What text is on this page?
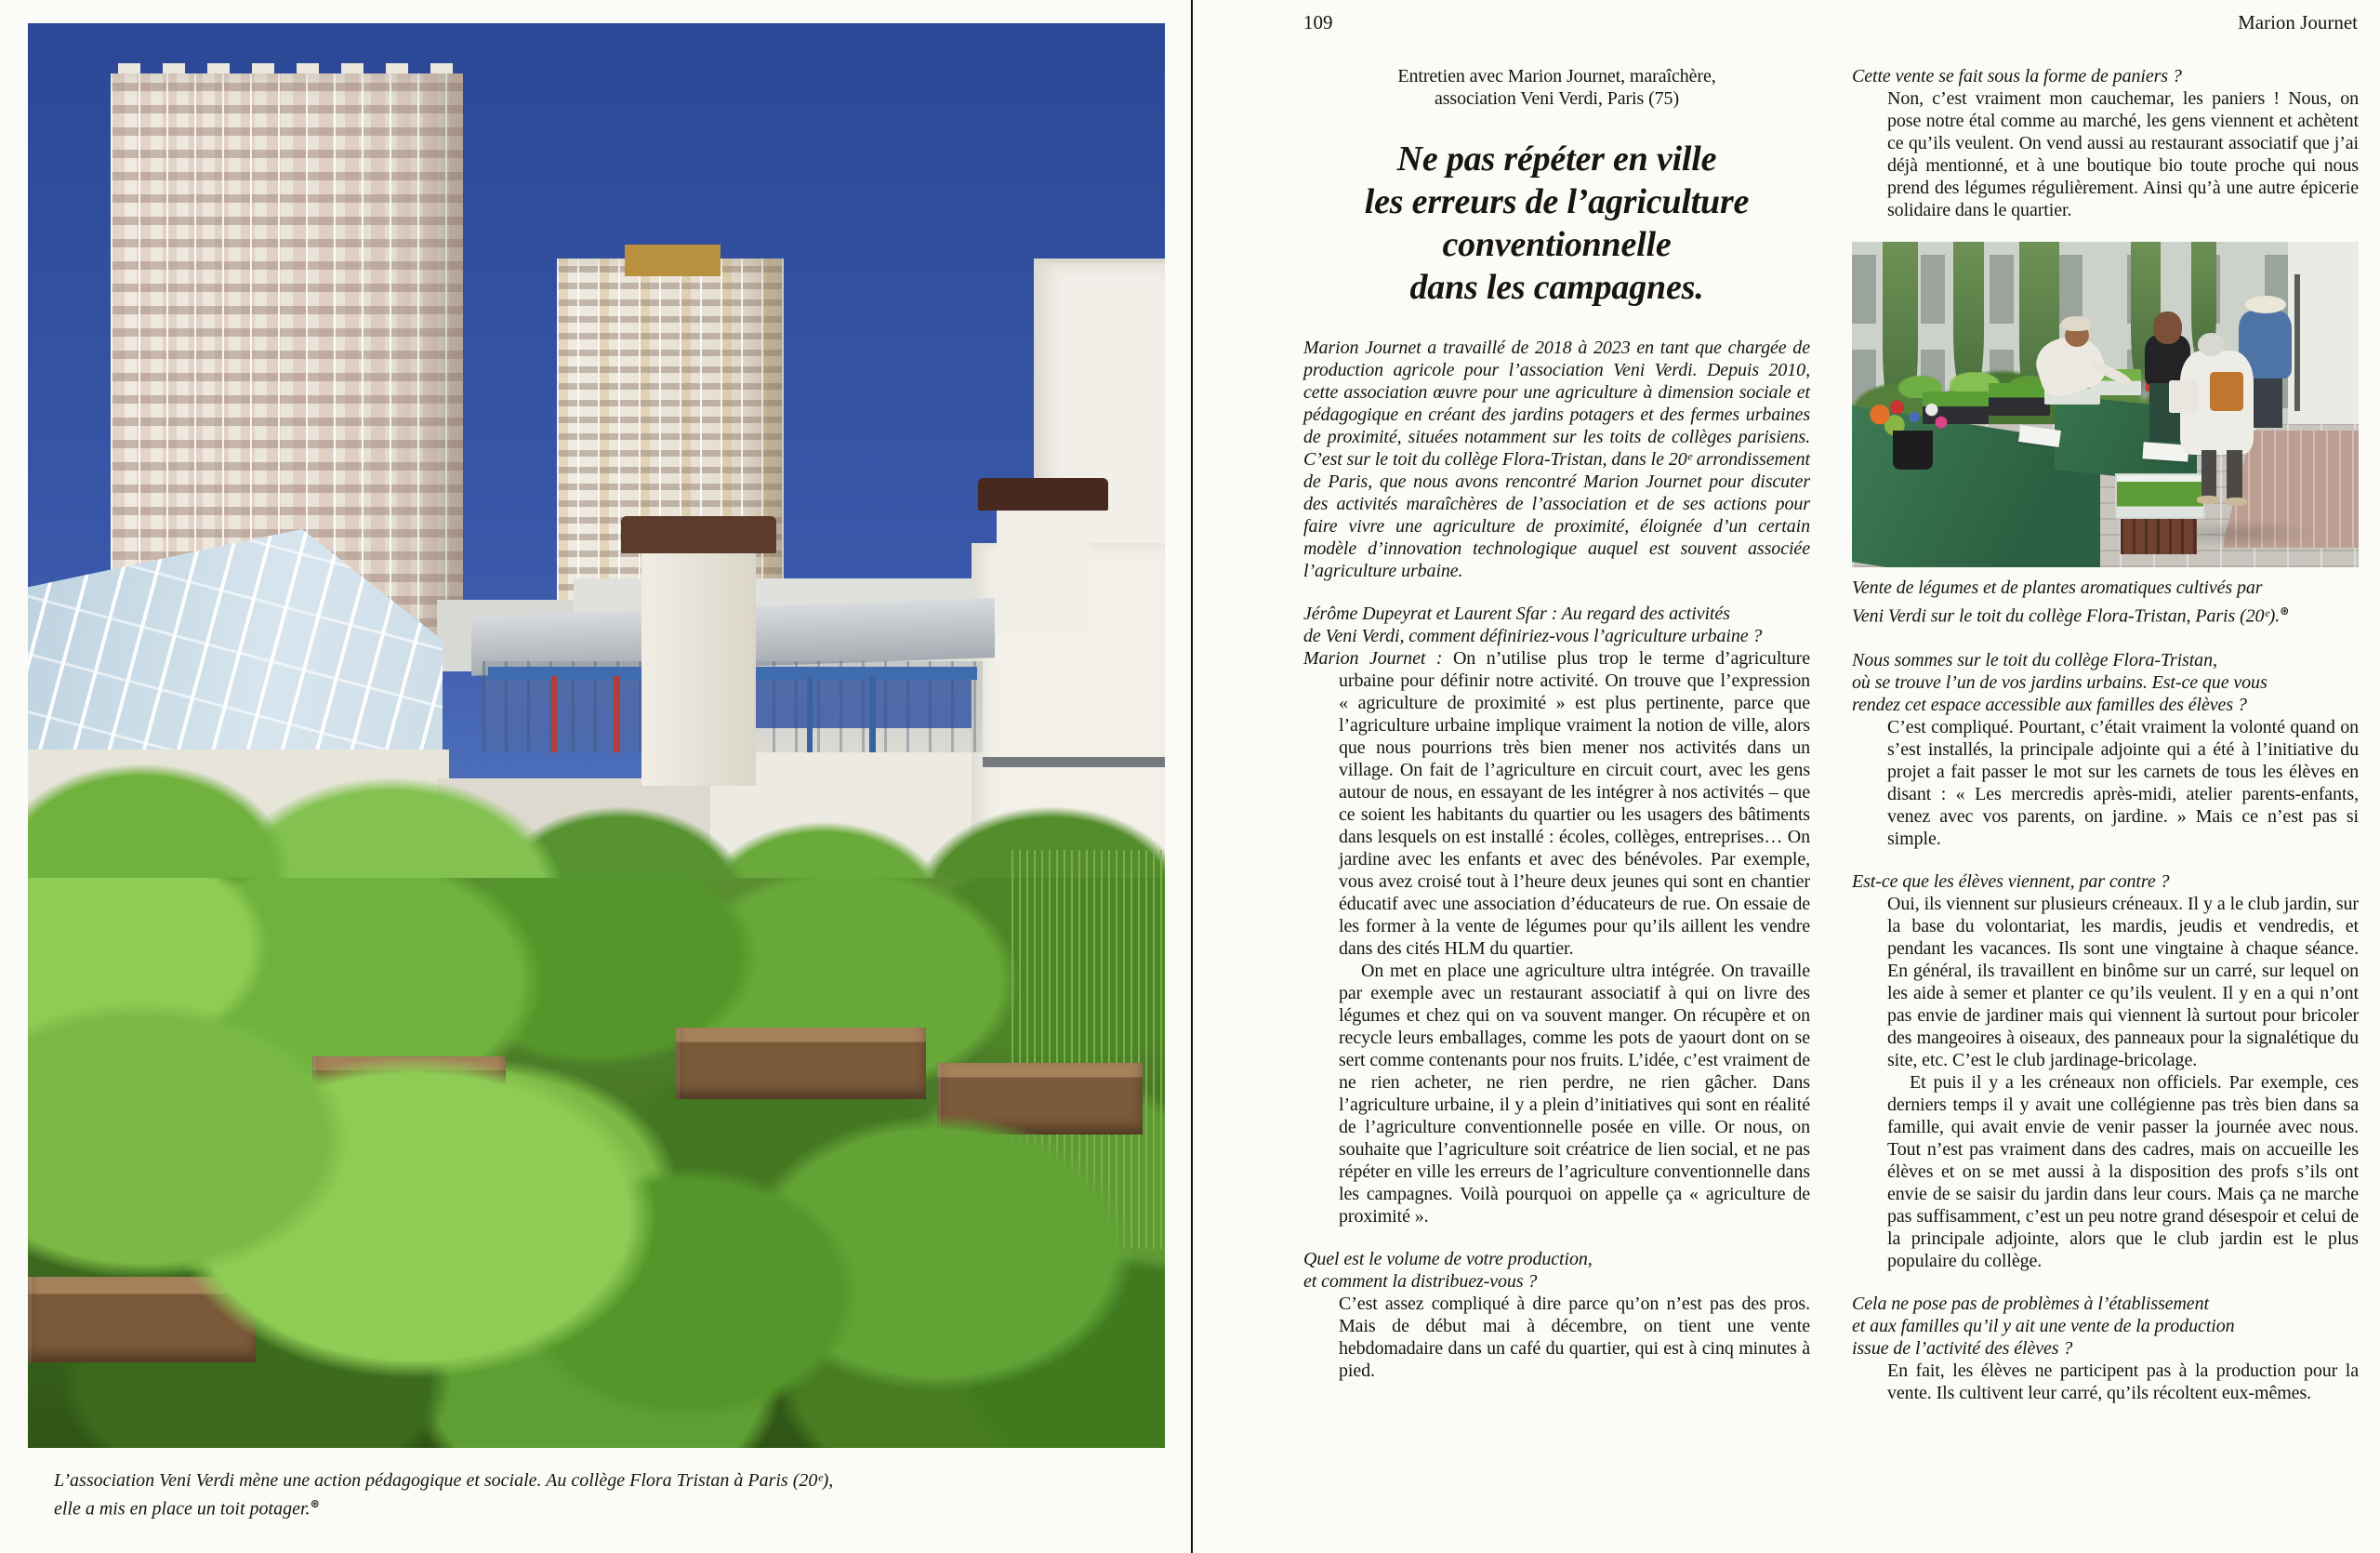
L’association Veni Verdi mène une action pédagogique et sociale. Au collège Flora Tristan à Paris (20ᵉ),
elle a mis en place un toit potager.⊛

109	Marion Journet
Entretien avec Marion Journet, maraîchère,
association Veni Verdi, Paris (75)
Ne pas répéter en ville
les erreurs de l’agriculture
conventionnelle
dans les campagnes.

Marion Journet a travaillé de 2018 à 2023 en tant que chargée de production agricole pour l’association Veni Verdi. Depuis 2010, cette association œuvre pour une agriculture à dimension sociale et pédagogique en créant des jardins potagers et des fermes urbaines de proximité, situées notamment sur les toits de collèges parisiens. C’est sur le toit du collège Flora-Tristan, dans le 20ᵉ arrondissement de Paris, que nous avons rencontré Marion Journet pour discuter des activités maraîchères de l’association et de ses actions pour faire vivre une agriculture de proximité, éloignée d’un certain modèle d’innovation technologique auquel est souvent associée l’agriculture urbaine.

Jérôme Dupeyrat et Laurent Sfar : Au regard des activités
de Veni Verdi, comment définiriez-vous l’agriculture urbaine ?

Marion Journet : On n’utilise plus trop le terme d’agriculture urbaine pour définir notre activité. On trouve que l’expression « agriculture de proximité » est plus pertinente, parce que l’agriculture urbaine implique vraiment la notion de ville, alors que nous pourrions très bien mener nos activités dans un village. On fait de l’agriculture en circuit court, avec les gens autour de nous, en essayant de les intégrer à nos activités – que ce soient les habitants du quartier ou les usagers des bâtiments dans lesquels on est installé : écoles, collèges, entreprises… On jardine avec les enfants et avec des bénévoles. Par exemple, vous avez croisé tout à l’heure deux jeunes qui sont en chantier éducatif avec une association d’éducateurs de rue. On essaie de les former à la vente de légumes pour qu’ils aillent les vendre dans des cités HLM du quartier.

On met en place une agriculture ultra intégrée. On travaille par exemple avec un restaurant associatif à qui on livre des légumes et chez qui on va souvent manger. On récupère et on recycle leurs emballages, comme les pots de yaourt dont on se sert comme contenants pour nos fruits. L’idée, c’est vraiment de ne rien acheter, ne rien perdre, ne rien gâcher. Dans l’agriculture urbaine, il y a plein d’initiatives qui sont en réalité de l’agriculture conventionnelle posée en ville. Or nous, on souhaite que l’agriculture soit créatrice de lien social, et ne pas répéter en ville les erreurs de l’agriculture conventionnelle dans les campagnes. Voilà pourquoi on appelle ça « agriculture de proximité ».

Quel est le volume de votre production,
et comment la distribuez-vous ?

C’est assez compliqué à dire parce qu’on n’est pas des pros. Mais de début mai à décembre, on tient une vente hebdomadaire dans un café du quartier, qui est à cinq minutes à pied.

Cette vente se fait sous la forme de paniers ?

Non, c’est vraiment mon cauchemar, les paniers ! Nous, on pose notre étal comme au marché, les gens viennent et achètent ce qu’ils veulent. On vend aussi au restaurant associatif que j’ai déjà mentionné, et à une boutique bio toute proche qui nous prend des légumes régulièrement. Ainsi qu’à une autre épicerie solidaire dans le quartier.

Vente de légumes et de plantes aromatiques cultivés par
Veni Verdi sur le toit du collège Flora-Tristan, Paris (20ᵉ).⊛

Nous sommes sur le toit du collège Flora-Tristan,
où se trouve l’un de vos jardins urbains. Est-ce que vous
rendez cet espace accessible aux familles des élèves ?

C’est compliqué. Pourtant, c’était vraiment la volonté quand on s’est installés, la principale adjointe qui a été à l’initiative du projet a fait passer le mot sur les carnets de tous les élèves en disant : « Les mercredis après-midi, atelier parents-enfants, venez avec vos parents, on jardine. » Mais ce n’est pas si simple.

Est-ce que les élèves viennent, par contre ?

Oui, ils viennent sur plusieurs créneaux. Il y a le club jardin, sur la base du volontariat, les mardis, jeudis et vendredis, et pendant les vacances. Ils sont une vingtaine à chaque séance. En général, ils travaillent en binôme sur un carré, sur lequel on les aide à semer et planter ce qu’ils veulent. Il y en a qui n’ont pas envie de jardiner mais qui viennent là surtout pour bricoler des mangeoires à oiseaux, des panneaux pour la signalétique du site, etc. C’est le club jardinage-bricolage.

Et puis il y a les créneaux non officiels. Par exemple, ces derniers temps il y avait une collégienne pas très bien dans sa famille, qui avait envie de venir passer la journée avec nous. Tout n’est pas vraiment dans des cadres, mais on accueille les élèves et on se met aussi à la disposition des profs s’ils ont envie de se saisir du jardin dans leur cours. Mais ça ne marche pas suffisamment, c’est un peu notre grand désespoir et celui de la principale adjointe, alors que le club jardin est le plus populaire du collège.

Cela ne pose pas de problèmes à l’établissement
et aux familles qu’il y ait une vente de la production
issue de l’activité des élèves ?

En fait, les élèves ne participent pas à la production pour la vente. Ils cultivent leur carré, qu’ils récoltent eux-mêmes.
